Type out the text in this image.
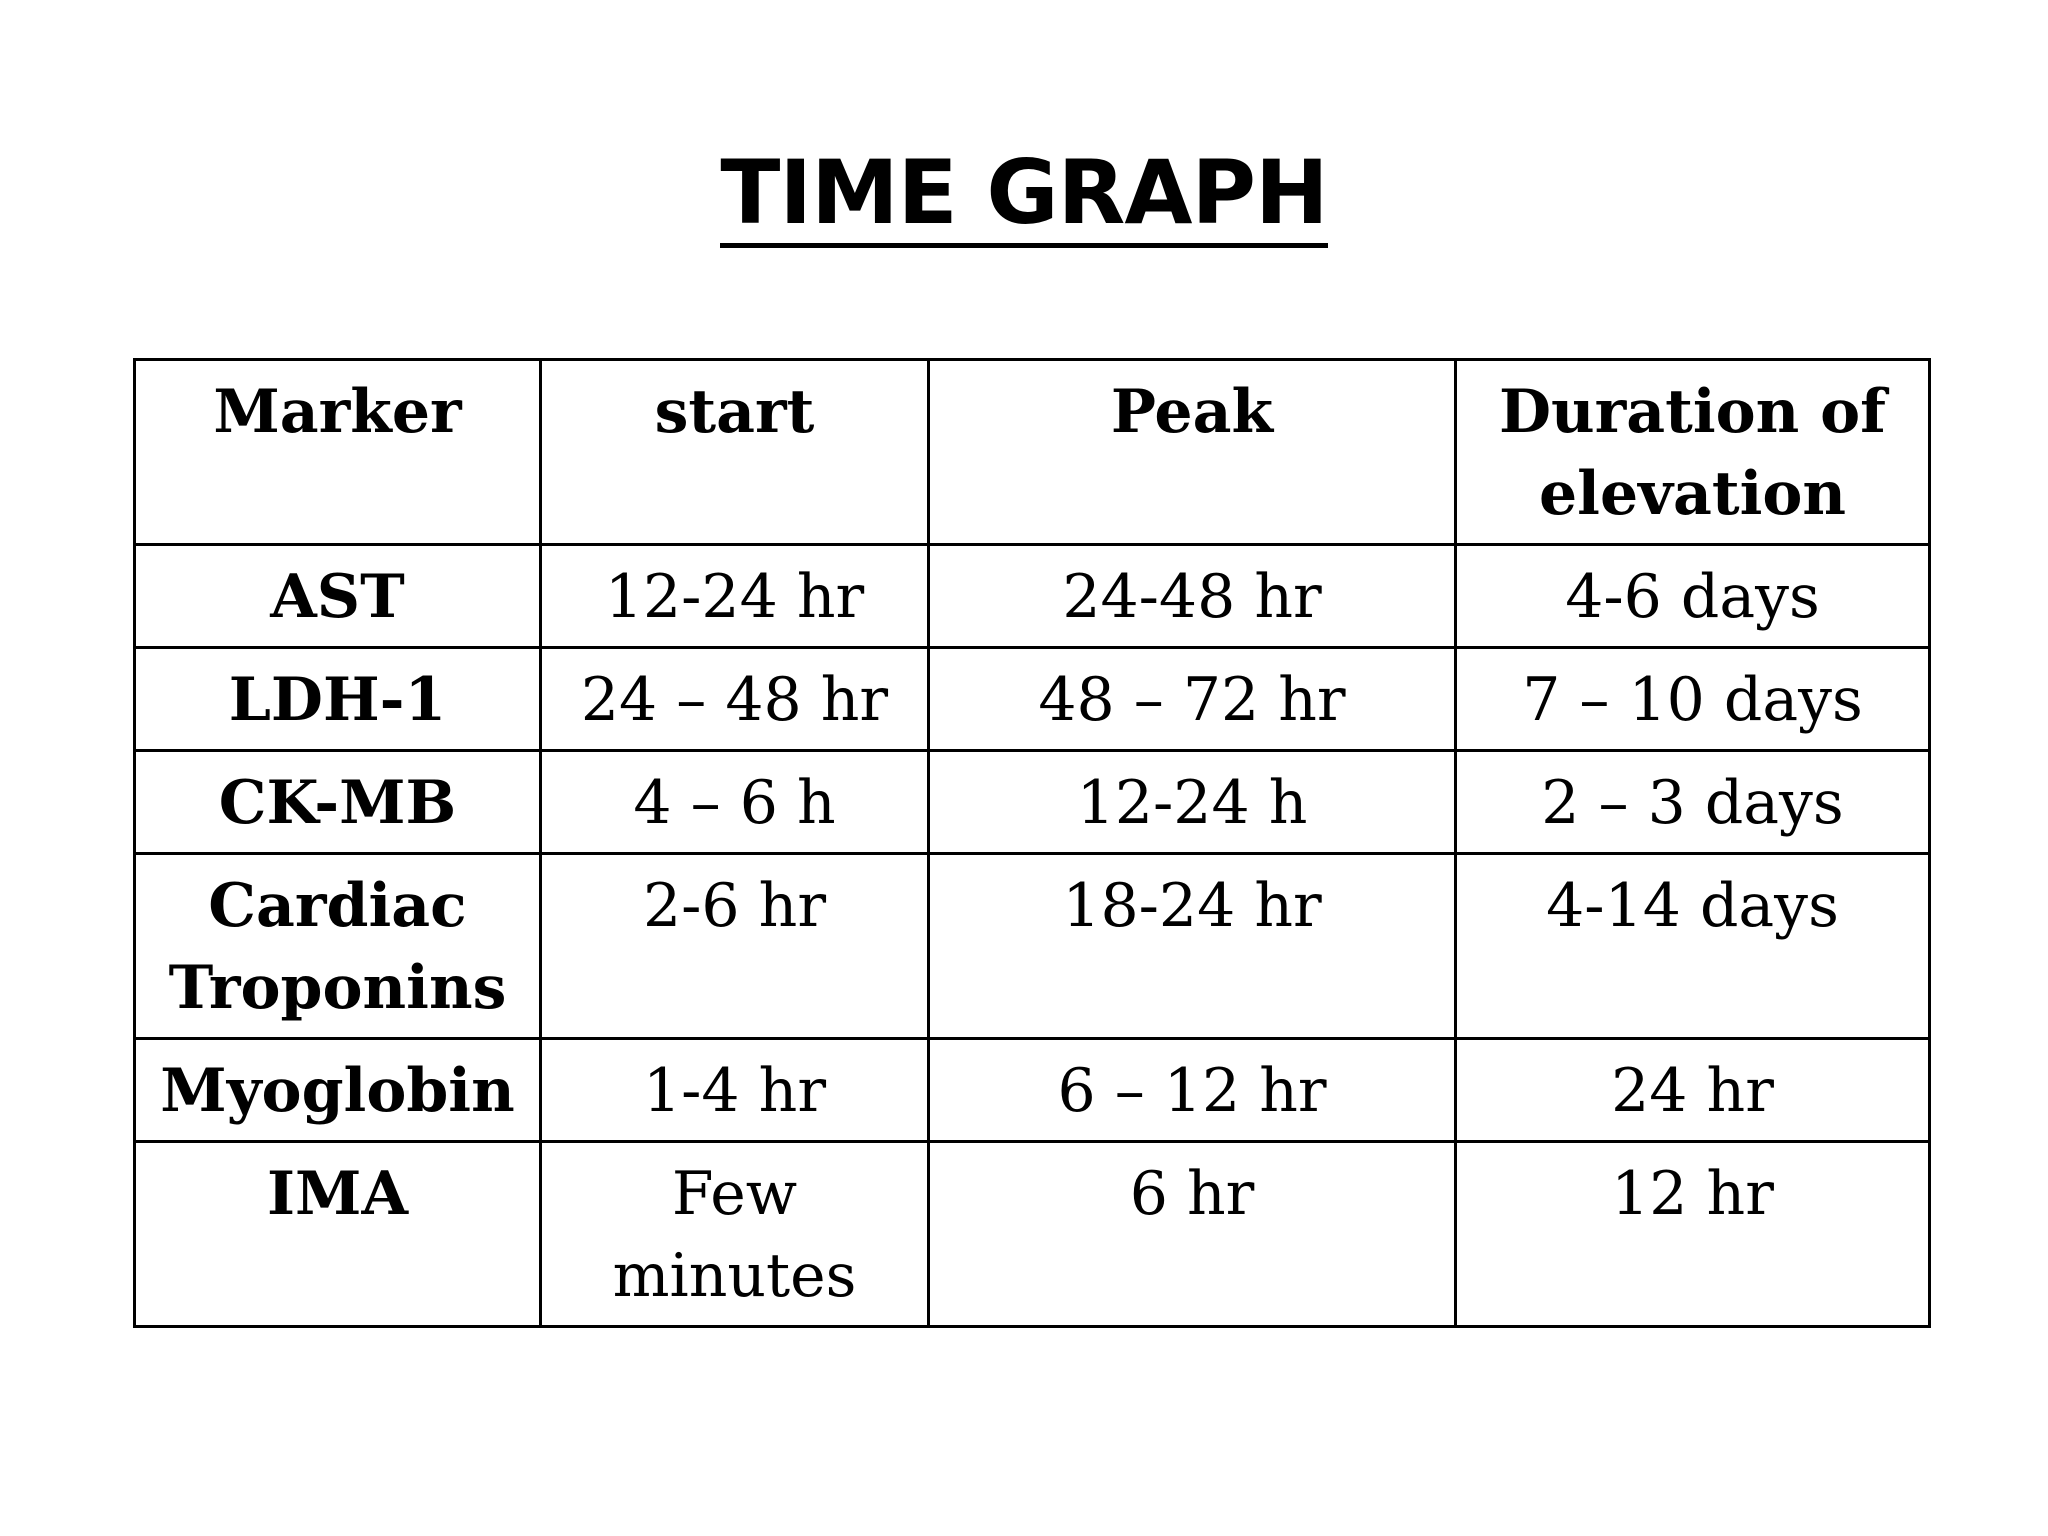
TIME GRAPH
Marker	start	Peak	Duration of elevation
AST	12-24 hr	24-48 hr	4-6 days
LDH-1	24 – 48 hr	48 – 72 hr	7 – 10 days
CK-MB	4 – 6 h	12-24 h	2 – 3 days
Cardiac Troponins	2-6 hr	18-24 hr	4-14 days
Myoglobin	1-4 hr	6 – 12 hr	24 hr
IMA	Few minutes	6 hr	12 hr
